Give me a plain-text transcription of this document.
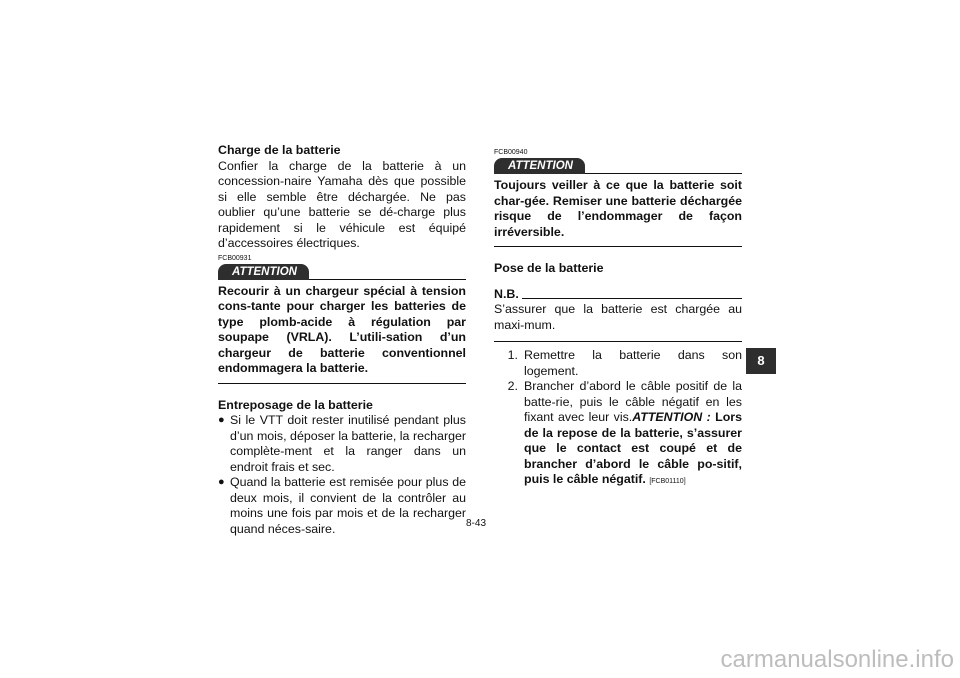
Charge de la batterie

Confier la charge de la batterie à un concession-naire Yamaha dès que possible si elle semble être déchargée. Ne pas oublier qu’une batterie se dé-charge plus rapidement si le véhicule est équipé d’accessoires électriques.

FCB00931
ATTENTION
Recourir à un chargeur spécial à tension cons-tante pour charger les batteries de type plomb-acide à régulation par soupape (VRLA). L’utili-sation d’un chargeur de batterie conventionnel endommagera la batterie.
Entreposage de la batterie
● Si le VTT doit rester inutilisé pendant plus d’un mois, déposer la batterie, la recharger complète-ment et la ranger dans un endroit frais et sec.
● Quand la batterie est remisée pour plus de deux mois, il convient de la contrôler au moins une fois par mois et de la recharger quand néces-saire.
FCB00940
ATTENTION
Toujours veiller à ce que la batterie soit char-gée. Remiser une batterie déchargée risque de l’endommager de façon irréversible.
Pose de la batterie
N.B.

S’assurer que la batterie est chargée au maxi-mum.

1. Remettre la batterie dans son logement.
2. Brancher d’abord le câble positif de la batte-rie, puis le câble négatif en les fixant avec leur vis.ATTENTION : Lors de la repose de la batterie, s’assurer que le contact est coupé et de brancher d’abord le câble po-sitif, puis le câble négatif. [FCB01110]
8-43
8
carmanualsonline.info
